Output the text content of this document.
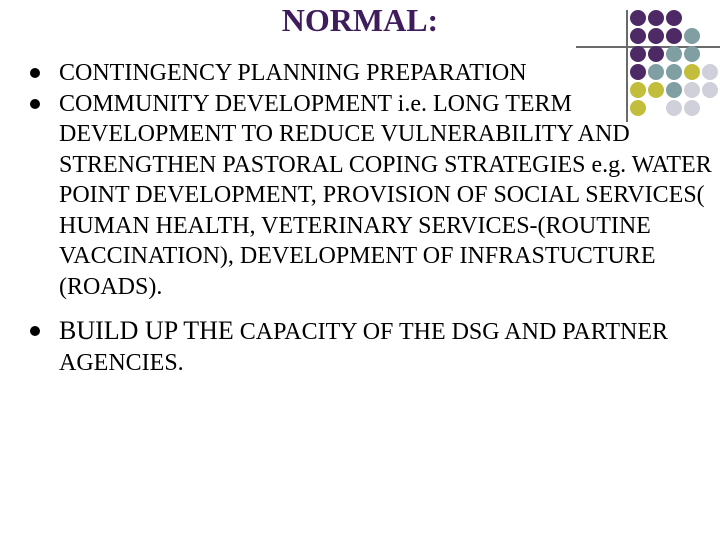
NORMAL:
CONTINGENCY PLANNING PREPARATION
COMMUNITY DEVELOPMENT i.e. LONG TERM DEVELOPMENT TO REDUCE VULNERABILITY AND STRENGTHEN PASTORAL COPING STRATEGIES e.g. WATER POINT DEVELOPMENT, PROVISION OF SOCIAL SERVICES( HUMAN HEALTH, VETERINARY SERVICES-(ROUTINE VACCINATION), DEVELOPMENT OF INFRASTUCTURE (ROADS).
BUILD UP THE CAPACITY OF THE DSG AND PARTNER AGENCIES.
